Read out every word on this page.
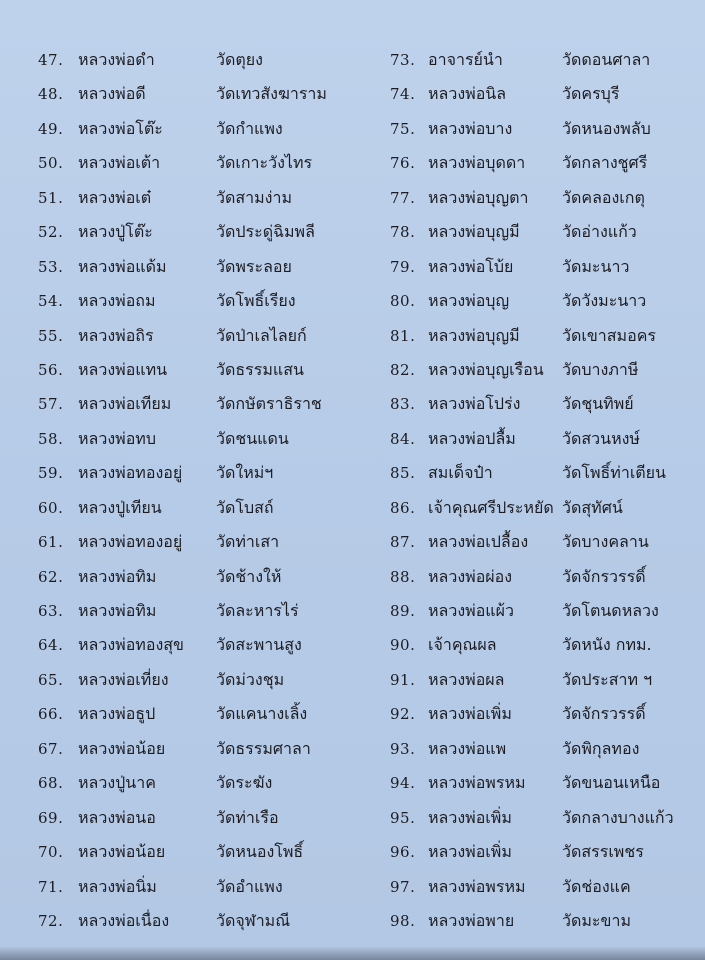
47. หลวงพ่อดำ	วัดตุยง
48. หลวงพ่อดี	วัดเทวสังฆาราม
49. หลวงพ่อโต๊ะ	วัดกำแพง
50. หลวงพ่อเต้า	วัดเกาะวังไทร
51. หลวงพ่อเต๋	วัดสามง่าม
52. หลวงปู่โต๊ะ	วัดประดู่ฉิมพลี
53. หลวงพ่อแด้ม	วัดพระลอย
54. หลวงพ่อถม	วัดโพธิ์เรียง
55. หลวงพ่อถิร	วัดป่าเลไลยก์
56. หลวงพ่อแทน	วัดธรรมแสน
57. หลวงพ่อเทียม	วัดกษัตราธิราช
58. หลวงพ่อทบ	วัดชนแดน
59. หลวงพ่อทองอยู่ วัดใหม่ฯ
60. หลวงปู่เทียน	วัดโบสถ์
61. หลวงพ่อทองอยู่ วัดท่าเสา
62. หลวงพ่อทิม	วัดช้างให้
63. หลวงพ่อทิม	วัดละหารไร่
64. หลวงพ่อทองสุข วัดสะพานสูง
65. หลวงพ่อเที่ยง	วัดม่วงชุม
66. หลวงพ่อธูป	วัดแคนางเลิ้ง
67. หลวงพ่อน้อย	วัดธรรมศาลา
68. หลวงปู่นาค	วัดระฆัง
69. หลวงพ่อนอ	วัดท่าเรือ
70. หลวงพ่อน้อย	วัดหนองโพธิ์
71. หลวงพ่อนิ่ม	วัดอำแพง
72. หลวงพ่อเนื่อง	วัดจุฬามณี
73. อาจารย์นำ	วัดดอนศาลา
74. หลวงพ่อนิล	วัดครบุรี
75. หลวงพ่อบาง	วัดหนองพลับ
76. หลวงพ่อบุดดา วัดกลางชูศรี
77. หลวงพ่อบุญตา วัดคลองเกตุ
78. หลวงพ่อบุญมี	วัดอ่างแก้ว
79. หลวงพ่อโบ้ย	วัดมะนาว
80. หลวงพ่อบุญ	วัดวังมะนาว
81. หลวงพ่อบุญมี	วัดเขาสมอคร
82. หลวงพ่อบุญเรือน วัดบางภาษี
83. หลวงพ่อโปร่ง	วัดชุนทิพย์
84. หลวงพ่อปลื้ม	วัดสวนหงษ์
85. สมเด็จป๋า	วัดโพธิ์ท่าเตียน
86. เจ้าคุณศรีประหยัด วัดสุทัศน์
87. หลวงพ่อเปลื้อง วัดบางคลาน
88. หลวงพ่อผ่อง	วัดจักรวรรดิ์
89. หลวงพ่อแผ้ว	วัดโตนดหลวง
90. เจ้าคุณผล	วัดหนัง กทม.
91. หลวงพ่อผล	วัดประสาท ฯ
92. หลวงพ่อเพิ่ม	วัดจักรวรรดิ์
93. หลวงพ่อแพ	วัดพิกุลทอง
94. หลวงพ่อพรหม วัดขนอนเหนือ
95. หลวงพ่อเพิ่ม	วัดกลางบางแก้ว
96. หลวงพ่อเพิ่ม	วัดสรรเพชร
97. หลวงพ่อพรหม วัดช่องแค
98. หลวงพ่อพาย	วัดมะขาม
